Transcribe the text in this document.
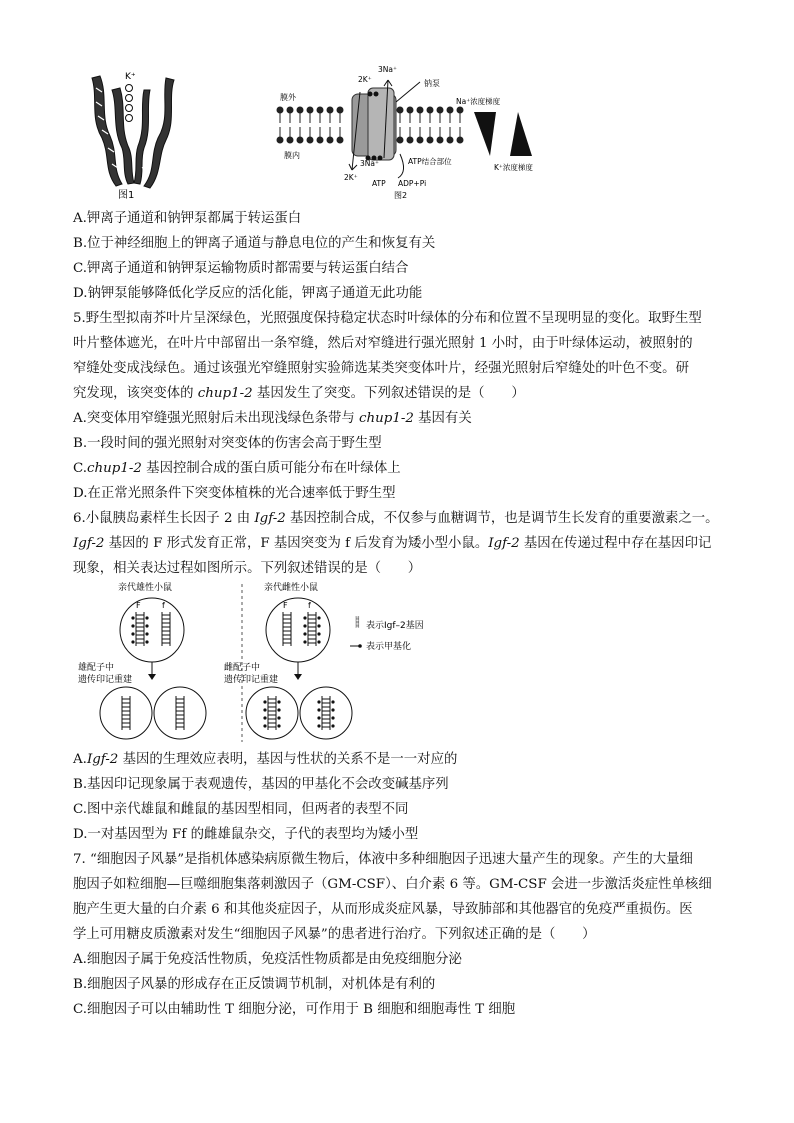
K⁺
图1
膜外
膜内
3Na⁺
2K⁺	钠泵
3Na⁺
2K⁺
ATP结合部位
ATP ADP+Pi
图2
Na⁺浓度梯度
K⁺浓度梯度
A.钾离子通道和钠钾泵都属于转运蛋白
B.位于神经细胞上的钾离子通道与静息电位的产生和恢复有关
C.钾离子通道和钠钾泵运输物质时都需要与转运蛋白结合
D.钠钾泵能够降低化学反应的活化能，钾离子通道无此功能
5.野生型拟南芥叶片呈深绿色，光照强度保持稳定状态时叶绿体的分布和位置不呈现明显的变化。取野生型
叶片整体遮光，在叶片中部留出一条窄缝，然后对窄缝进行强光照射 1 小时，由于叶绿体运动，被照射的
窄缝处变成浅绿色。通过该强光窄缝照射实验筛选某类突变体叶片，经强光照射后窄缝处的叶色不变。研
究发现，该突变体的 chup1-2 基因发生了突变。下列叙述错误的是（　　）
A.突变体用窄缝强光照射后未出现浅绿色条带与 chup1-2 基因有关
B.一段时间的强光照射对突变体的伤害会高于野生型
C.chup1-2 基因控制合成的蛋白质可能分布在叶绿体上
D.在正常光照条件下突变体植株的光合速率低于野生型
6.小鼠胰岛素样生长因子 2 由 Igf-2 基因控制合成，不仅参与血糖调节，也是调节生长发育的重要激素之一。
Igf-2 基因的 F 形式发育正常，F 基因突变为 f 后发育为矮小型小鼠。Igf-2 基因在传递过程中存在基因印记
现象，相关表达过程如图所示。下列叙述错误的是（　　）
亲代雄性小鼠	亲代雌性小鼠
F	f	F	f
雄配子中
遗传印记重建
雌配子中
遗传印记重建
表示Igf–2基因
表示甲基化
A.Igf-2 基因的生理效应表明，基因与性状的关系不是一一对应的
B.基因印记现象属于表观遗传，基因的甲基化不会改变碱基序列
C.图中亲代雄鼠和雌鼠的基因型相同，但两者的表型不同
D.一对基因型为 Ff 的雌雄鼠杂交，子代的表型均为矮小型
7. “细胞因子风暴”是指机体感染病原微生物后，体液中多种细胞因子迅速大量产生的现象。产生的大量细
胞因子如粒细胞—巨噬细胞集落刺激因子（GM-CSF）、白介素 6 等。GM-CSF 会进一步激活炎症性单核细
胞产生更大量的白介素 6 和其他炎症因子，从而形成炎症风暴，导致肺部和其他器官的免疫严重损伤。医
学上可用糖皮质激素对发生“细胞因子风暴”的患者进行治疗。下列叙述正确的是（　　）
A.细胞因子属于免疫活性物质，免疫活性物质都是由免疫细胞分泌
B.细胞因子风暴的形成存在正反馈调节机制，对机体是有利的
C.细胞因子可以由辅助性 T 细胞分泌，可作用于 B 细胞和细胞毒性 T 细胞
